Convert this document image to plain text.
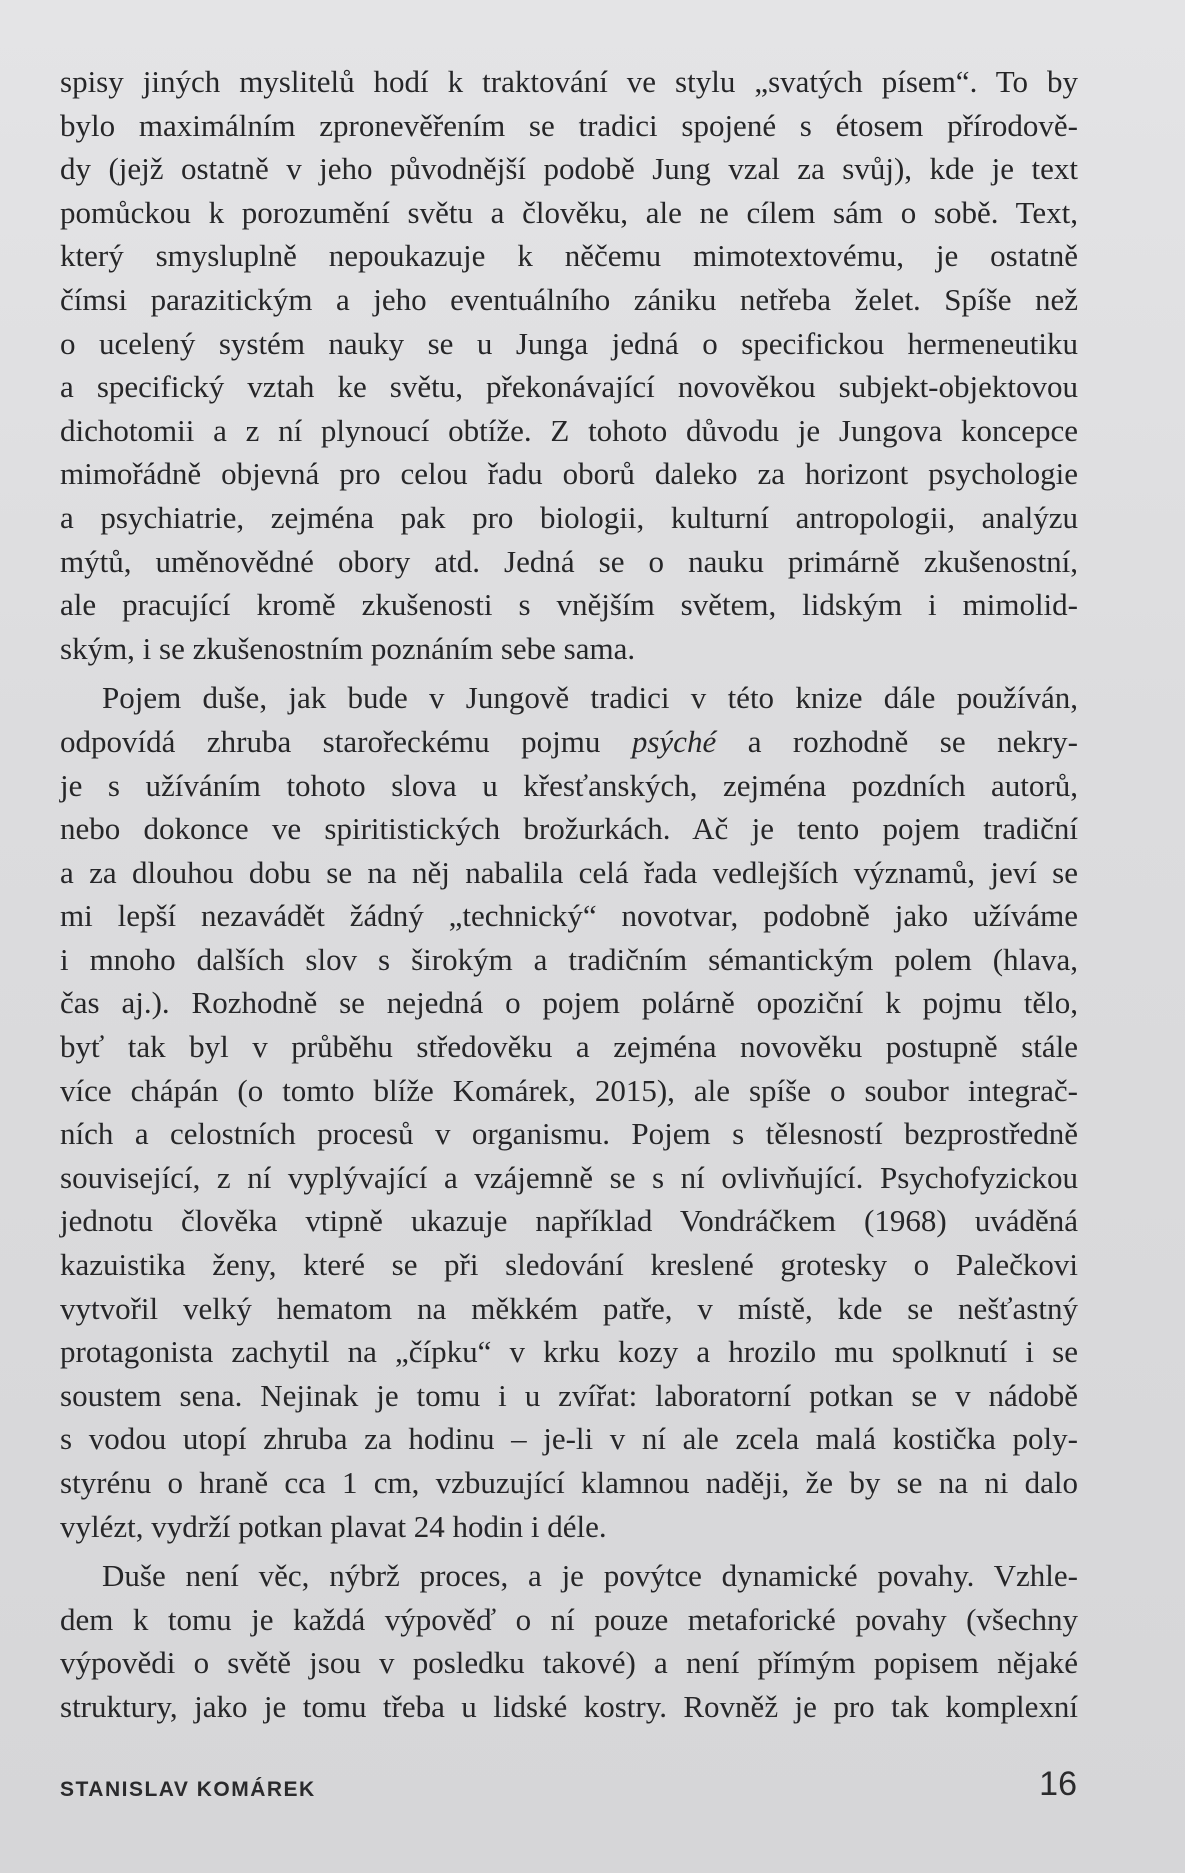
spisy jiných myslitelů hodí k traktování ve stylu „svatých písem“. To by
bylo maximálním zpronevěřením se tradici spojené s étosem přírodově-
dy (jejž ostatně v jeho původnější podobě Jung vzal za svůj), kde je text
pomůckou k porozumění světu a člověku, ale ne cílem sám o sobě. Text,
který smysluplně nepoukazuje k něčemu mimotextovému, je ostatně
čímsi parazitickým a jeho eventuálního zániku netřeba želet. Spíše než
o ucelený systém nauky se u Junga jedná o specifickou hermeneutiku
a specifický vztah ke světu, překonávající novověkou subjekt-objektovou
dichotomii a z ní plynoucí obtíže. Z tohoto důvodu je Jungova koncepce
mimořádně objevná pro celou řadu oborů daleko za horizont psychologie
a psychiatrie, zejména pak pro biologii, kulturní antropologii, analýzu
mýtů, uměnovědné obory atd. Jedná se o nauku primárně zkušenostní,
ale pracující kromě zkušenosti s vnějším světem, lidským i mimolid-
ským, i se zkušenostním poznáním sebe sama.
Pojem duše, jak bude v Jungově tradici v této knize dále používán,
odpovídá zhruba starořeckému pojmu psýché a rozhodně se nekry-
je s užíváním tohoto slova u křesťanských, zejména pozdních autorů,
nebo dokonce ve spiritistických brožurkách. Ač je tento pojem tradiční
a za dlouhou dobu se na něj nabalila celá řada vedlejších významů, jeví se
mi lepší nezavádět žádný „technický“ novotvar, podobně jako užíváme
i mnoho dalších slov s širokým a tradičním sémantickým polem (hlava,
čas aj.). Rozhodně se nejedná o pojem polárně opoziční k pojmu tělo,
byť tak byl v průběhu středověku a zejména novověku postupně stále
více chápán (o tomto blíže Komárek, 2015), ale spíše o soubor integrač-
ních a celostních procesů v organismu. Pojem s tělesností bezprostředně
související, z ní vyplývající a vzájemně se s ní ovlivňující. Psychofyzickou
jednotu člověka vtipně ukazuje například Vondráčkem (1968) uváděná
kazuistika ženy, které se při sledování kreslené grotesky o Palečkovi
vytvořil velký hematom na měkkém patře, v místě, kde se nešťastný
protagonista zachytil na „čípku“ v krku kozy a hrozilo mu spolknutí i se
soustem sena. Nejinak je tomu i u zvířat: laboratorní potkan se v nádobě
s vodou utopí zhruba za hodinu – je-li v ní ale zcela malá kostička poly-
styrénu o hraně cca 1 cm, vzbuzující klamnou naději, že by se na ni dalo
vylézt, vydrží potkan plavat 24 hodin i déle.
Duše není věc, nýbrž proces, a je povýtce dynamické povahy. Vzhle-
dem k tomu je každá výpověď o ní pouze metaforické povahy (všechny
výpovědi o světě jsou v posledku takové) a není přímým popisem nějaké
struktury, jako je tomu třeba u lidské kostry. Rovněž je pro tak komplexní
STANISLAV KOMÁREK	16
